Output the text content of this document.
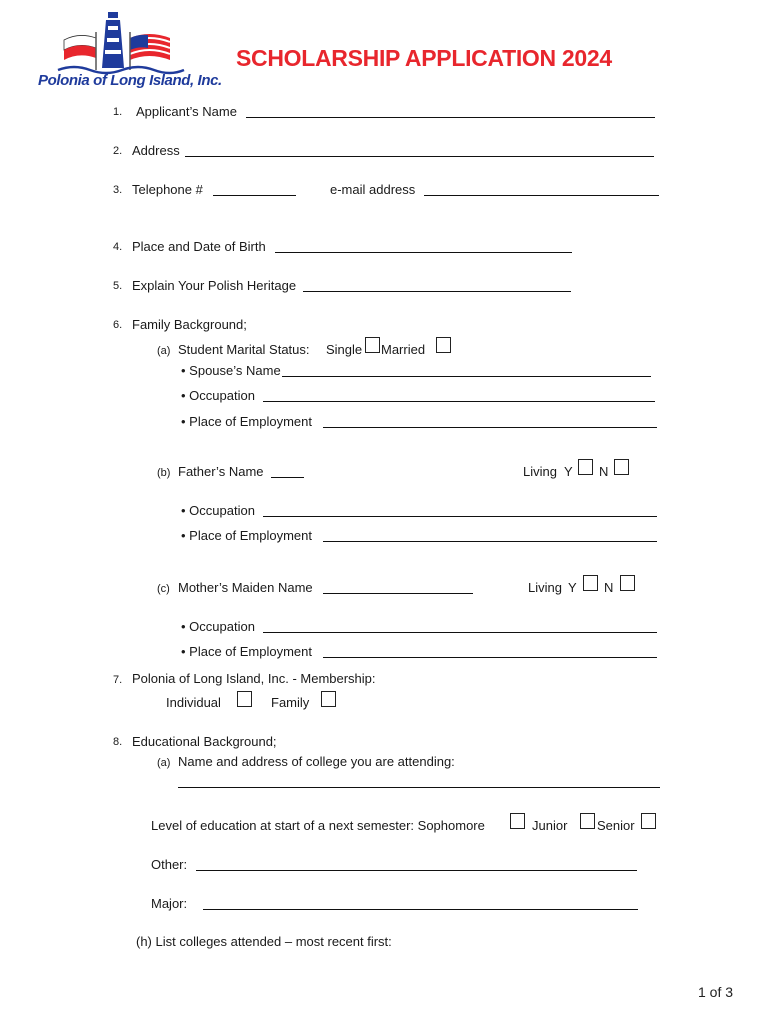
Polonia of Long Island, Inc.
SCHOLARSHIP APPLICATION 2024
1. Applicant’s Name
2. Address
3. Telephone #	e-mail address
4. Place and Date of Birth
5. Explain Your Polish Heritage
6. Family Background;
(a) Student Marital Status: Single Married
• Spouse’s Name
• Occupation
• Place of Employment
(b) Father’s Name	Living Y N
• Occupation
• Place of Employment
(c) Mother’s Maiden Name	Living Y N
• Occupation
• Place of Employment
7. Polonia of Long Island, Inc. - Membership:
Individual	Family
8. Educational Background;
(a) Name and address of college you are attending:
Level of education at start of a next semester: Sophomore	Junior Senior
Other:
Major:
(h) List colleges attended – most recent first:
1 of 3
